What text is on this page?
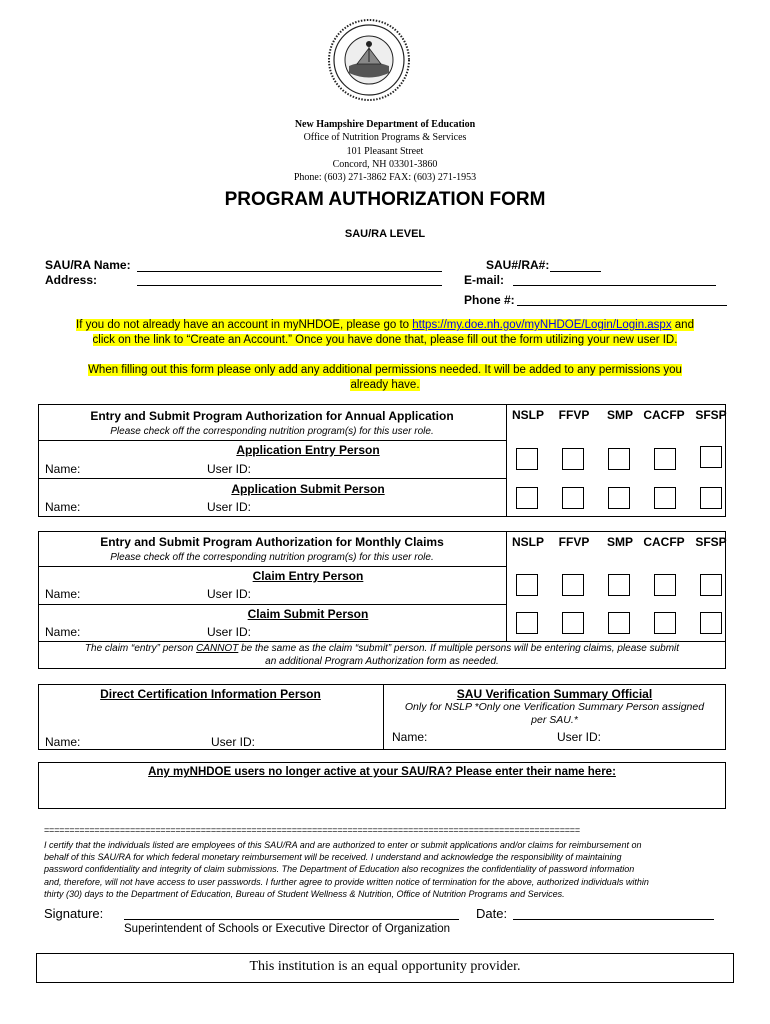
New Hampshire Department of Education
Office of Nutrition Programs & Services
101 Pleasant Street
Concord, NH 03301-3860
Phone: (603) 271-3862 FAX: (603) 271-1953
PROGRAM AUTHORIZATION FORM
SAU/RA LEVEL
SAU/RA Name:
Address:
SAU#/RA#:
E-mail:
Phone #:
If you do not already have an account in myNHDOE, please go to https://my.doe.nh.gov/myNHDOE/Login/Login.aspx and
click on the link to “Create an Account.” Once you have done that, please fill out the form utilizing your new user ID.
When filling out this form please only add any additional permissions needed. It will be added to any permissions you
already have.
Entry and Submit Program Authorization for Annual Application
Please check off the corresponding nutrition program(s) for this user role.
NSLP	FFVP	SMP CACFP SFSP
Application Entry Person
Name:	User ID:
Application Submit Person
Name:	User ID:
Entry and Submit Program Authorization for Monthly Claims
Please check off the corresponding nutrition program(s) for this user role.
NSLP	FFVP	SMP CACFP SFSP
Claim Entry Person
Name:	User ID:
Claim Submit Person
Name:	User ID:
The claim “entry” person CANNOT be the same as the claim “submit” person. If multiple persons will be entering claims, please submit
an additional Program Authorization form as needed.
Direct Certification Information Person
Name:	User ID:
SAU Verification Summary Official
Only for NSLP *Only one Verification Summary Person assigned
per SAU.*
Name:	User ID:
Any myNHDOE users no longer active at your SAU/RA? Please enter their name here:
==========================================================================================================
I certify that the individuals listed are employees of this SAU/RA and are authorized to enter or submit applications and/or claims for reimbursement on
behalf of this SAU/RA for which federal monetary reimbursement will be received. I understand and acknowledge the responsibility of maintaining
password confidentiality and integrity of claim submissions. The Department of Education also recognizes the confidentiality of password information
and, therefore, will not have access to user passwords. I further agree to provide written notice of termination for the above, authorized individuals within
thirty (30) days to the Department of Education, Bureau of Student Wellness & Nutrition, Office of Nutrition Programs and Services.
Signature:	Date:
Superintendent of Schools or Executive Director of Organization
This institution is an equal opportunity provider.
